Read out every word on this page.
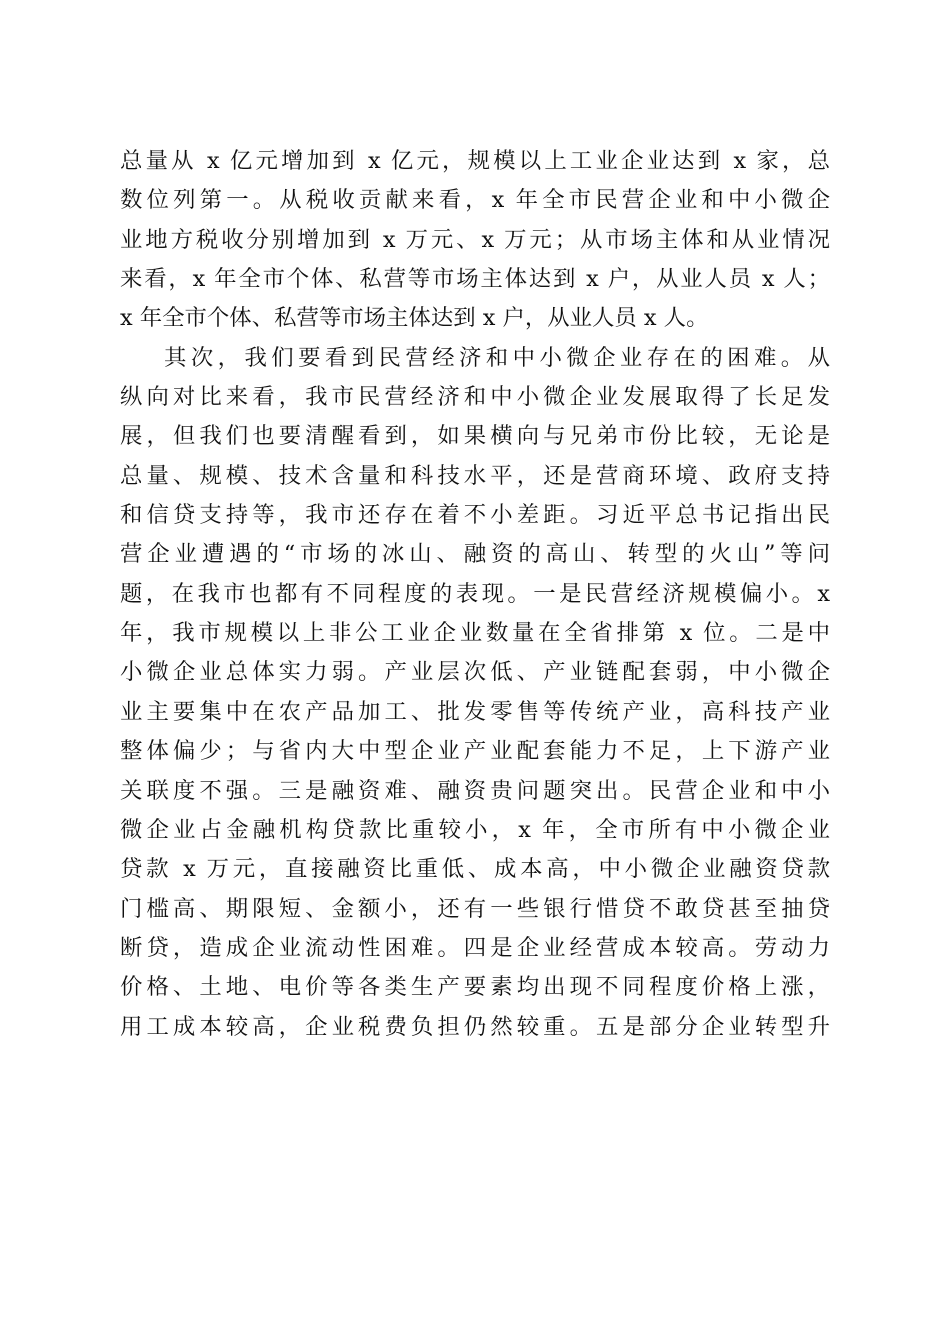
总量从 x 亿元增加到 x 亿元，规模以上工业企业达到 x 家，总
数位列第一。从税收贡献来看，x 年全市民营企业和中小微企
业地方税收分别增加到 x 万元、x 万元；从市场主体和从业情况
来看，x 年全市个体、私营等市场主体达到 x 户，从业人员 x 人；
x 年全市个体、私营等市场主体达到 x 户，从业人员 x 人。
其次，我们要看到民营经济和中小微企业存在的困难。从
纵向对比来看，我市民营经济和中小微企业发展取得了长足发
展，但我们也要清醒看到，如果横向与兄弟市份比较，无论是
总量、规模、技术含量和科技水平，还是营商环境、政府支持
和信贷支持等，我市还存在着不小差距。习近平总书记指出民
营企业遭遇的“市场的冰山、融资的高山、转型的火山”等问
题，在我市也都有不同程度的表现。一是民营经济规模偏小。x
年，我市规模以上非公工业企业数量在全省排第 x 位。二是中
小微企业总体实力弱。产业层次低、产业链配套弱，中小微企
业主要集中在农产品加工、批发零售等传统产业，高科技产业
整体偏少；与省内大中型企业产业配套能力不足，上下游产业
关联度不强。三是融资难、融资贵问题突出。民营企业和中小
微企业占金融机构贷款比重较小，x 年，全市所有中小微企业
贷款 x 万元，直接融资比重低、成本高，中小微企业融资贷款
门槛高、期限短、金额小，还有一些银行惜贷不敢贷甚至抽贷
断贷，造成企业流动性困难。四是企业经营成本较高。劳动力
价格、土地、电价等各类生产要素均出现不同程度价格上涨，
用工成本较高，企业税费负担仍然较重。五是部分企业转型升
